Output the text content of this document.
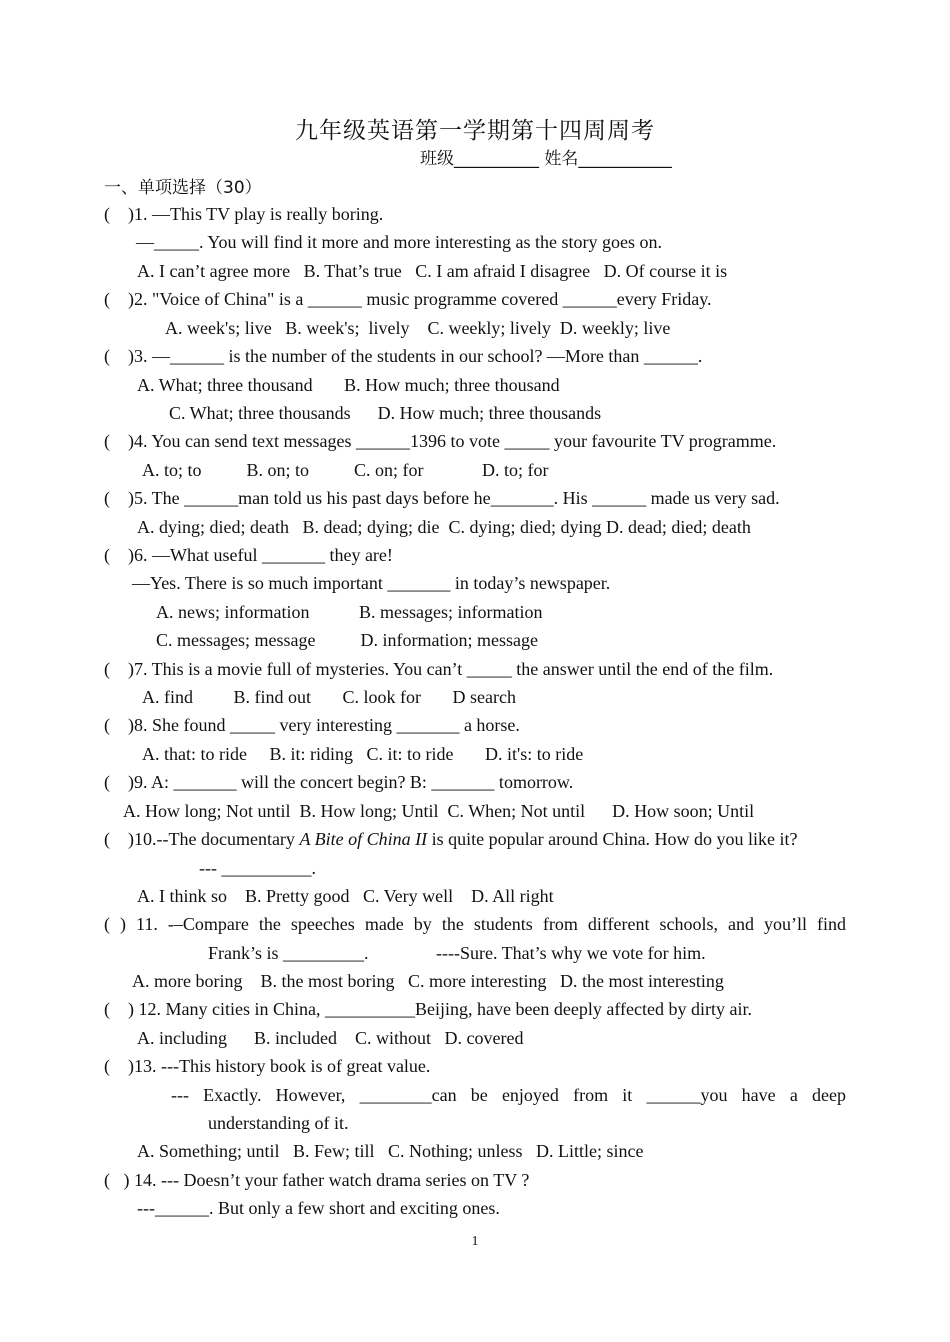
九年级英语第一学期第十四周周考
班级__________ 姓名___________
一、单项选择（30）
(    )1. —This TV play is really boring.
—_____. You will find it more and more interesting as the story goes on.
A. I can’t agree more   B. That’s true   C. I am afraid I disagree   D. Of course it is
(    )2. "Voice of China" is a ______ music programme covered ______every Friday.
A. week's; live   B. week's;  lively    C. weekly; lively  D. weekly; live
(    )3. —______ is the number of the students in our school? —More than ______.
A. What; three thousand       B. How much; three thousand
C. What; three thousands      D. How much; three thousands
(    )4. You can send text messages ______1396 to vote _____ your favourite TV programme.
A. to; to          B. on; to          C. on; for             D. to; for
(    )5. The ______man told us his past days before he_______. His ______ made us very sad.
A. dying; died; death   B. dead; dying; die  C. dying; died; dying D. dead; died; death
(    )6. —What useful _______ they are!
—Yes. There is so much important _______ in today’s newspaper.
A. news; information           B. messages; information
C. messages; message          D. information; message
(    )7. This is a movie full of mysteries. You can’t _____ the answer until the end of the film.
A. find         B. find out       C. look for       D search
(    )8. She found _____ very interesting _______ a horse.
A. that: to ride     B. it: riding   C. it: to ride       D. it's: to ride
(    )9. A: _______ will the concert begin? B: _______ tomorrow.
A. How long; Not until  B. How long; Until  C. When; Not until      D. How soon; Until
(    )10.--The documentary A Bite of China II is quite popular around China. How do you like it?
--- __________.
A. I think so    B. Pretty good   C. Very well    D. All right
( ) 11. -–Compare the speeches made by the students from different schools, and you’ll find
Frank’s is _________.               ----Sure. That’s why we vote for him.
A. more boring    B. the most boring   C. more interesting   D. the most interesting
(    ) 12. Many cities in China, __________Beijing, have been deeply affected by dirty air.
A. including      B. included    C. without   D. covered
(    )13. ---This history book is of great value.
--- Exactly. However, ________can be enjoyed from it ______you have a deep
understanding of it.
A. Something; until   B. Few; till   C. Nothing; unless   D. Little; since
(   ) 14. --- Doesn’t your father watch drama series on TV ?
---______. But only a few short and exciting ones.
1
